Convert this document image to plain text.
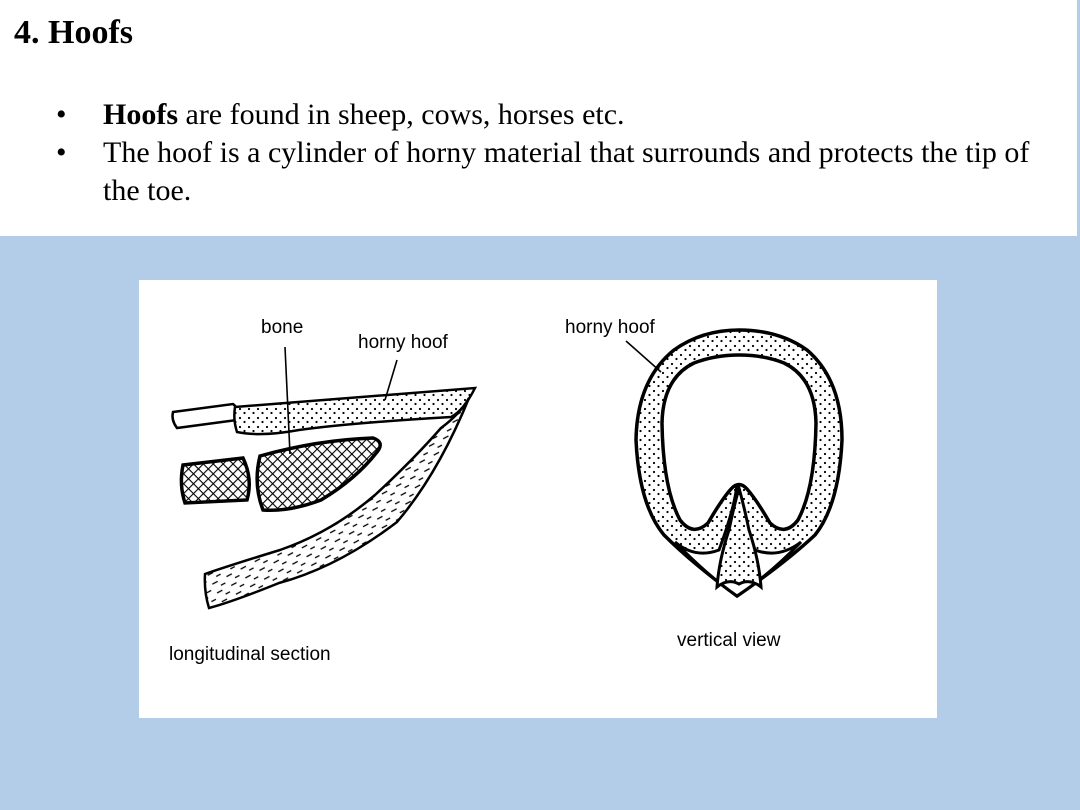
4. Hoofs
• Hoofs are found in sheep, cows, horses etc.
• The hoof is a cylinder of horny material that surrounds and protects the tip of the toe.
bone
horny hoof
horny hoof
longitudinal section
vertical view
